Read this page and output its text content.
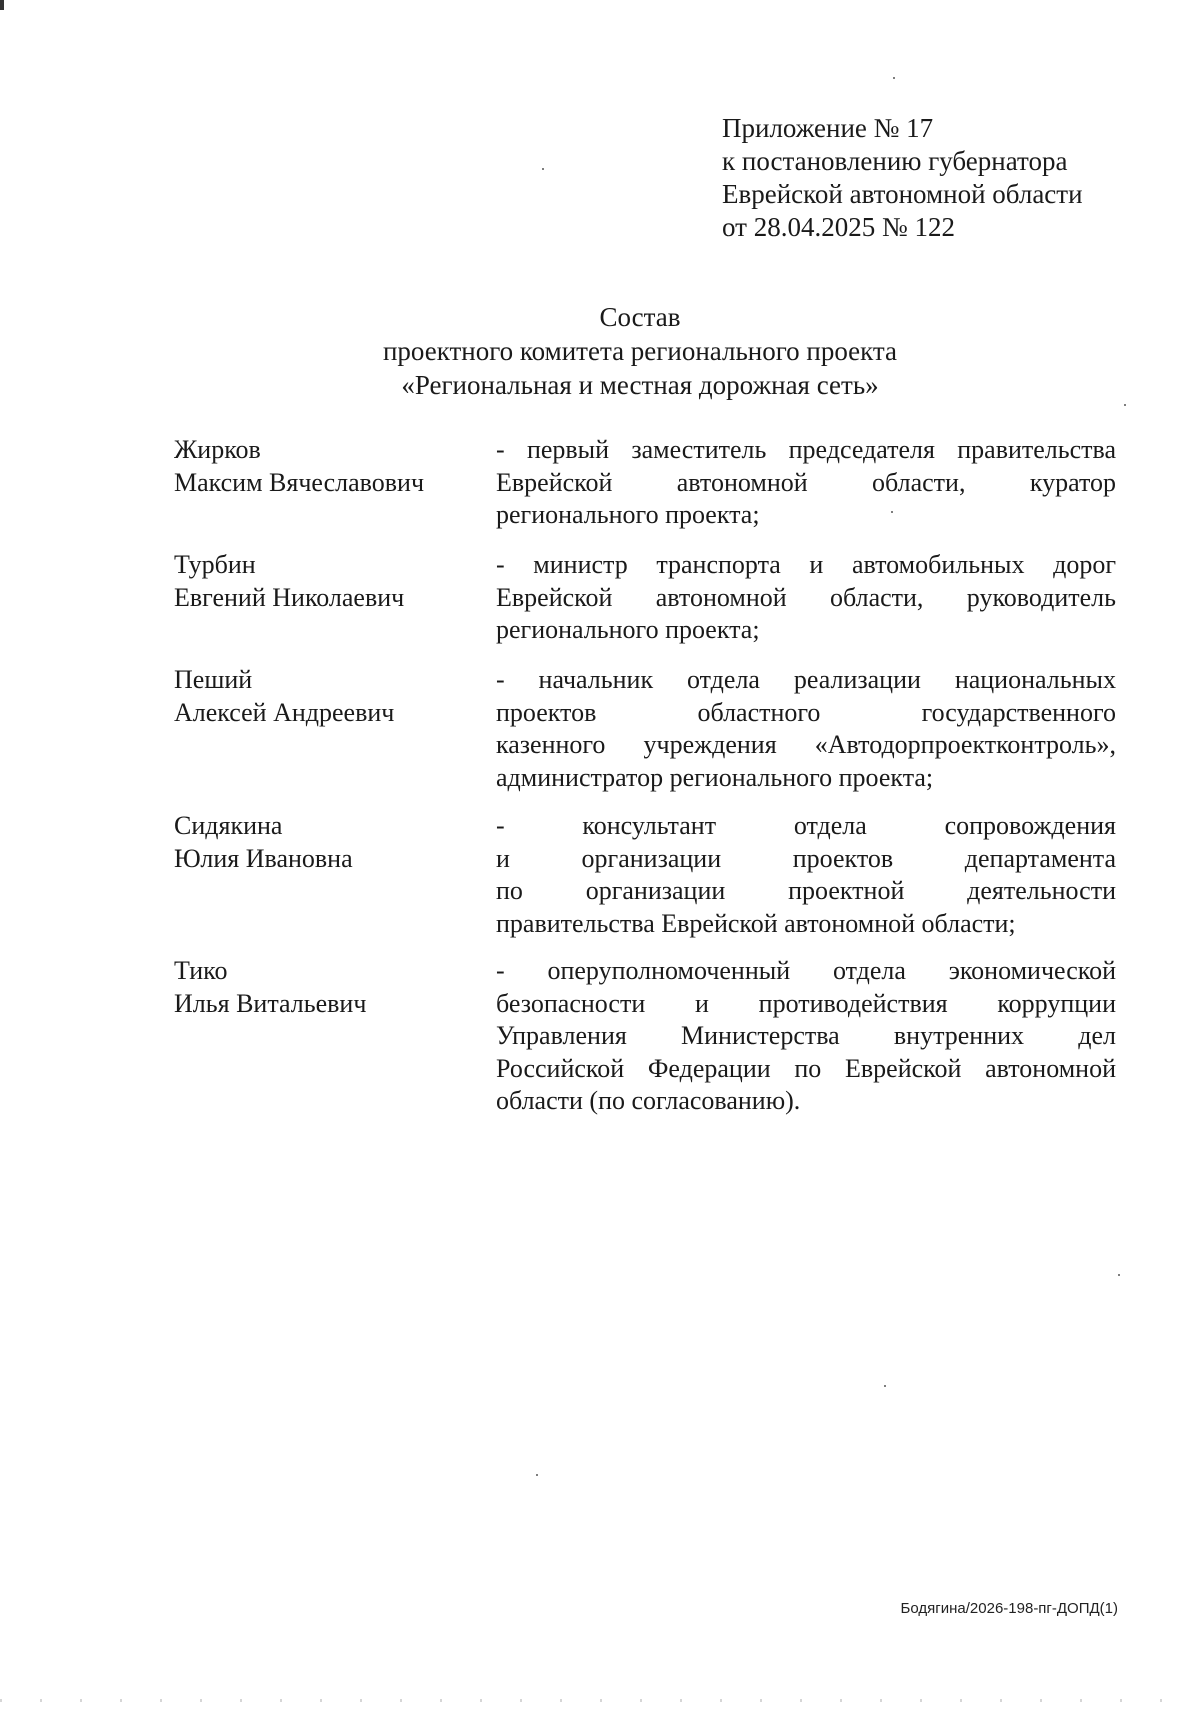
Приложение № 17
к постановлению губернатора
Еврейской автономной области
от 28.04.2025 № 122
Состав
проектного комитета регионального проекта
«Региональная и местная дорожная сеть»
Жирков
Максим Вячеславович
- первый заместитель председателя правительства
Еврейской автономной области, куратор
регионального проекта;
Турбин
Евгений Николаевич
- министр транспорта и автомобильных дорог
Еврейской автономной области, руководитель
регионального проекта;
Пеший
Алексей Андреевич
- начальник отдела реализации национальных
проектов областного государственного
казенного учреждения «Автодорпроектконтроль»,
администратор регионального проекта;
Сидякина
Юлия Ивановна
- консультант отдела сопровождения
и организации проектов департамента
по организации проектной деятельности
правительства Еврейской автономной области;
Тико
Илья Витальевич
- оперуполномоченный отдела экономической
безопасности и противодействия коррупции
Управления Министерства внутренних дел
Российской Федерации по Еврейской автономной
области (по согласованию).
Бодягина/2026-198-пг-ДОПД(1)
